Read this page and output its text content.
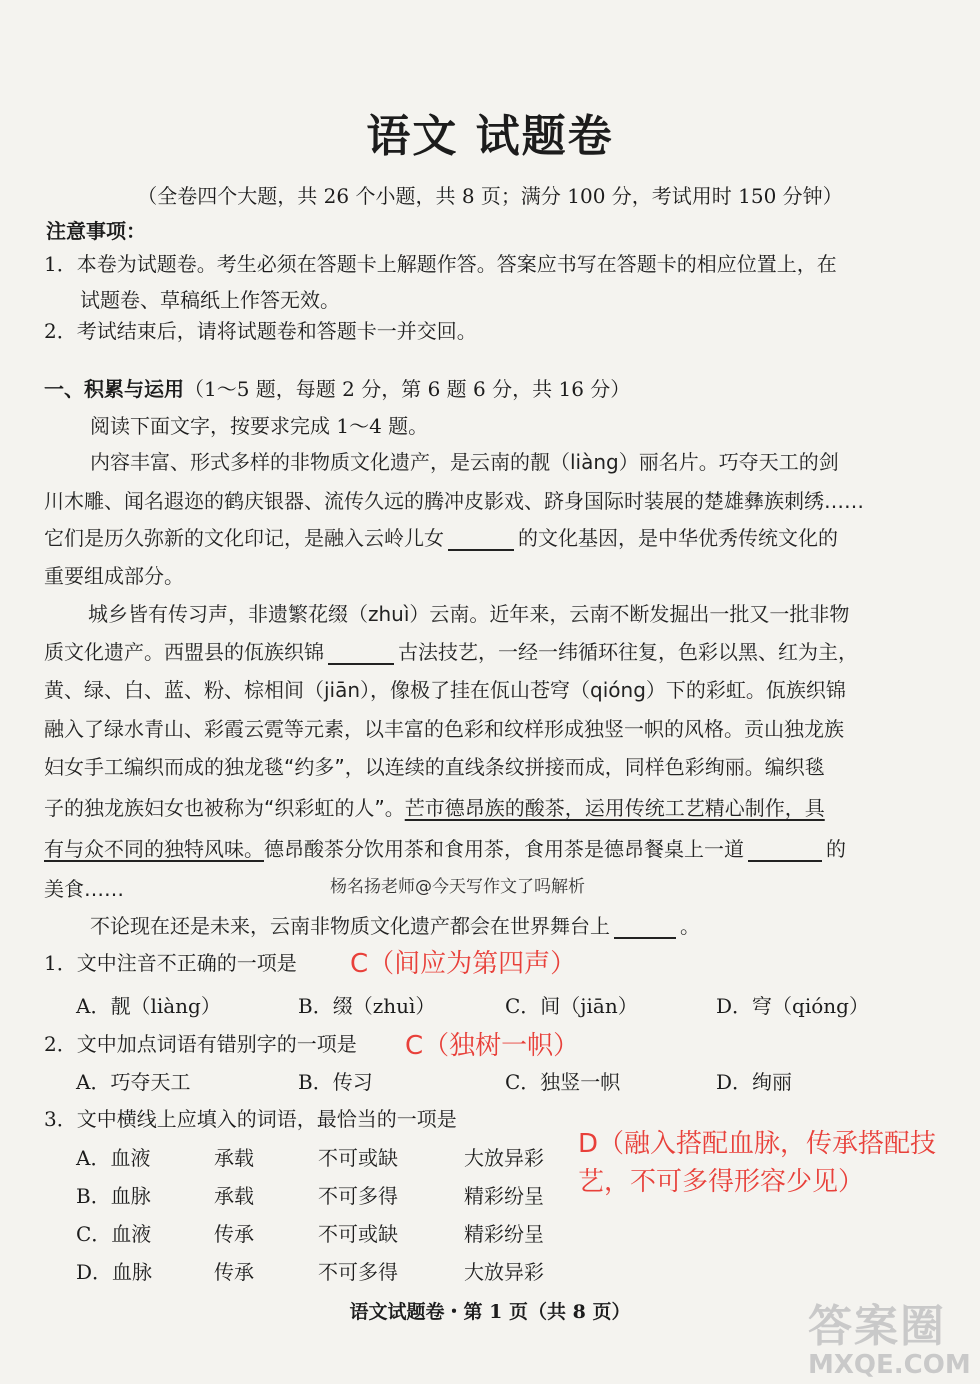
语文 试题卷
（全卷四个大题，共 26 个小题，共 8 页；满分 100 分，考试用时 150 分钟）
注意事项：
1．本卷为试题卷。考生必须在答题卡上解题作答。答案应书写在答题卡的相应位置上，在
试题卷、草稿纸上作答无效。
2．考试结束后，请将试题卷和答题卡一并交回。
一、积累与运用（1～5 题，每题 2 分，第 6 题 6 分，共 16 分）
阅读下面文字，按要求完成 1～4 题。
内容丰富、形式多样的非物质文化遗产，是云南的靓（liàng）丽名片。巧夺天工的剑
川木雕、闻名遐迩的鹤庆银器、流传久远的腾冲皮影戏、跻身国际时装展的楚雄彝族刺绣……
它们是历久弥新的文化印记，是融入云岭儿女	的文化基因，是中华优秀传统文化的
重要组成部分。
城乡皆有传习声，非遗繁花缀（zhuì）云南。近年来，云南不断发掘出一批又一批非物
质文化遗产。西盟县的佤族织锦	古法技艺，一经一纬循环往复，色彩以黑、红为主，
黄、绿、白、蓝、粉、棕相间（jiān），像极了挂在佤山苍穹（qióng）下的彩虹。佤族织锦
融入了绿水青山、彩霞云霓等元素，以丰富的色彩和纹样形成独竖一帜的风格。贡山独龙族
妇女手工编织而成的独龙毯“约多”，以连续的直线条纹拼接而成，同样色彩绚丽。编织毯
子的独龙族妇女也被称为“织彩虹的人”。芒市德昂族的酸茶，运用传统工艺精心制作，具
有与众不同的独特风味。德昂酸茶分饮用茶和食用茶，食用茶是德昂餐桌上一道	的
美食……	杨名扬老师@今天写作文了吗解析
不论现在还是未来，云南非物质文化遗产都会在世界舞台上	。
1．文中注音不正确的一项是 C（间应为第四声）
A．靓（liàng）	B．缀（zhuì）	C．间（jiān）	D．穹（qióng）
2．文中加点词语有错别字的一项是 C（独树一帜）
A．巧夺天工	B．传习	C．独竖一帜	D．绚丽
3．文中横线上应填入的词语，最恰当的一项是
D（融入搭配血脉，传承搭配技艺，不可多得形容少见）
A．血液	承载	不可或缺	大放异彩
B．血脉	承载	不可多得	精彩纷呈
C．血液	传承	不可或缺	精彩纷呈
D．血脉	传承	不可多得	大放异彩
语文试题卷・第 1 页（共 8 页）	答案圈
MXQE.COM
